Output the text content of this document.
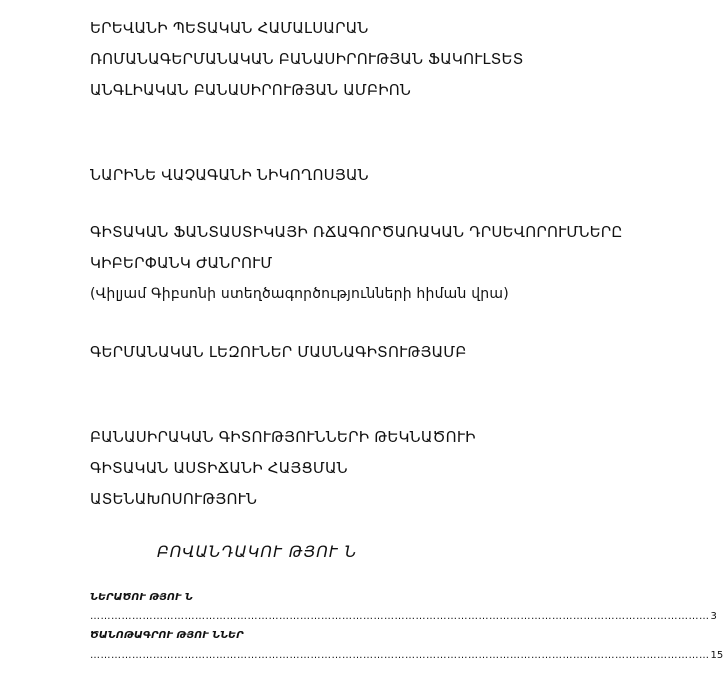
ԵՐԵՎԱՆԻ ՊԵՏԱԿԱՆ ՀԱՄԱԼՍԱՐԱՆ
ՌՈՄԱՆԱԳԵՐՄԱՆԱԿԱՆ ԲԱՆԱՍԻՐՈՒԹՅԱՆ ՖԱԿՈՒԼՏԵՏ
ԱՆԳԼԻԱԿԱՆ ԲԱՆԱՍԻՐՈՒԹՅԱՆ ԱՄԲԻՈՆ
ՆԱՐԻՆԵ ՎԱՉԱԳԱՆԻ ՆԻԿՈՂՈՍՅԱՆ
ԳԻՏԱԿԱՆ ՖԱՆՏԱՍՏԻԿԱՅԻ ՌՃԱԳՈՐԾԱՌԱԿԱՆ ԴՐՍԵՎՈՐՈՒՄՆԵՐԸ
ԿԻԲԵՐՓԱՆԿ ԺԱՆՐՈՒՄ
(Վիլյամ Գիբսոնի ստեղծագործությունների հիման վրա)
ԳԵՐՄԱՆԱԿԱՆ ԼԵԶՈՒՆԵՐ ՄԱՍՆԱԳԻՏՈՒԹՅԱՄԲ
ԲԱՆԱՍԻՐԱԿԱՆ ԳԻՏՈՒԹՅՈՒՆՆԵՐԻ ԹԵԿՆԱԾՈՒԻ
ԳԻՏԱԿԱՆ ԱՍՏԻՃԱՆԻ ՀԱՅՑՄԱՆ
ԱՏԵՆԱԽՈՍՈՒԹՅՈՒՆ
ԲՈՎԱՆԴԱԿՈՒ ԹՅՈՒ Ն
ՆԵՐԱԾՈՒ ԹՅՈՒ Ն
…………………………………………………………………………………………………………………………………………………………… 3
ԾԱՆՈԹԱԳՐՈՒ ԹՅՈՒ ՆՆԵՐ
…………………………………………………………………………………………………………………………………………………………… 15
